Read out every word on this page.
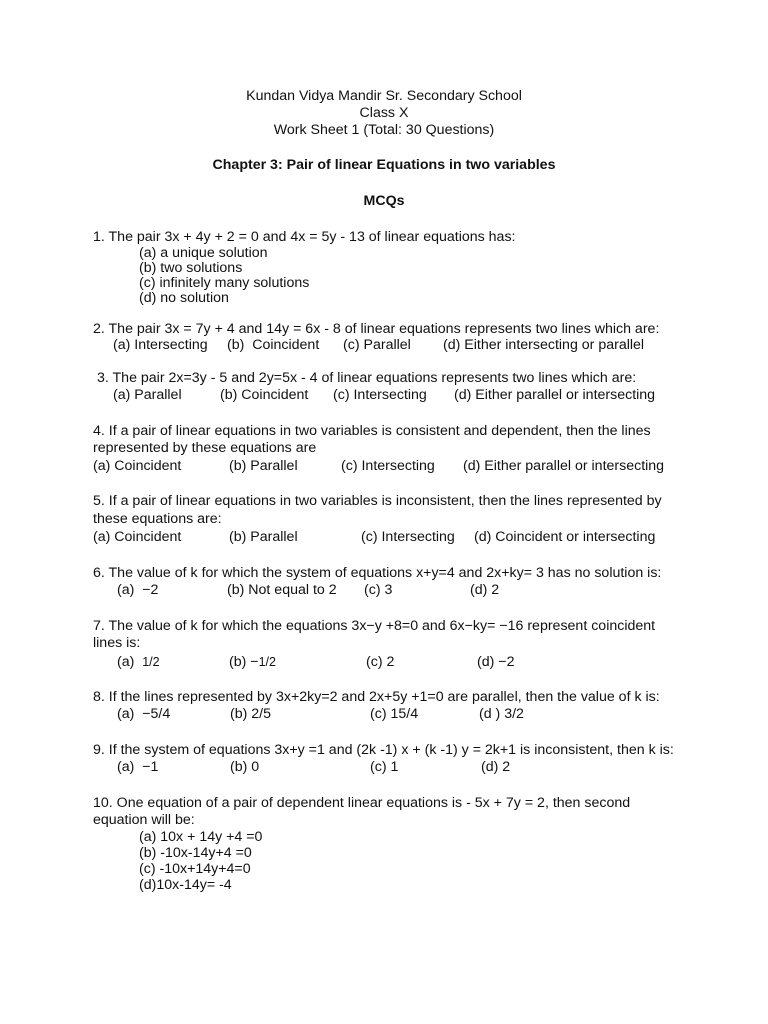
Kundan Vidya Mandir Sr. Secondary School
Class X
Work Sheet 1 (Total: 30 Questions)
Chapter 3: Pair of linear Equations in two variables
MCQs
1. The pair 3x + 4y + 2 = 0 and 4x = 5y - 13 of linear equations has:
(a) a unique solution
(b) two solutions
(c) infinitely many solutions
(d) no solution
2. The pair 3x = 7y + 4 and 14y = 6x - 8 of linear equations represents two lines which are:
(a) Intersecting (b)  Coincident (c) Parallel (d) Either intersecting or parallel
3. The pair 2x=3y - 5 and 2y=5x - 4 of linear equations represents two lines which are:
(a) Parallel	(b) Coincident (c) Intersecting (d) Either parallel or intersecting
4. If a pair of linear equations in two variables is consistent and dependent, then the lines
represented by these equations are
(a) Coincident	(b) Parallel	(c) Intersecting (d) Either parallel or intersecting
5. If a pair of linear equations in two variables is inconsistent, then the lines represented by
these equations are:
(a) Coincident	(b) Parallel	(c) Intersecting (d) Coincident or intersecting
6. The value of k for which the system of equations x+y=4 and 2x+ky= 3 has no solution is:
(a)  −2	(b) Not equal to 2 (c) 3	(d) 2
7. The value of k for which the equations 3x−y +8=0 and 6x−ky= −16 represent coincident
lines is:
(a) 1/2	(b) −1/2	(c) 2	(d) −2
8. If the lines represented by 3x+2ky=2 and 2x+5y +1=0 are parallel, then the value of k is:
(a)  −5/4	(b) 2/5	(c) 15/4	(d ) 3/2
9. If the system of equations 3x+y =1 and (2k -1) x + (k -1) y = 2k+1 is inconsistent, then k is:
(a)  −1	(b) 0	(c) 1	(d) 2
10. One equation of a pair of dependent linear equations is - 5x + 7y = 2, then second
equation will be:
(a) 10x + 14y +4 =0
(b) -10x-14y+4 =0
(c) -10x+14y+4=0
(d)10x-14y= -4
